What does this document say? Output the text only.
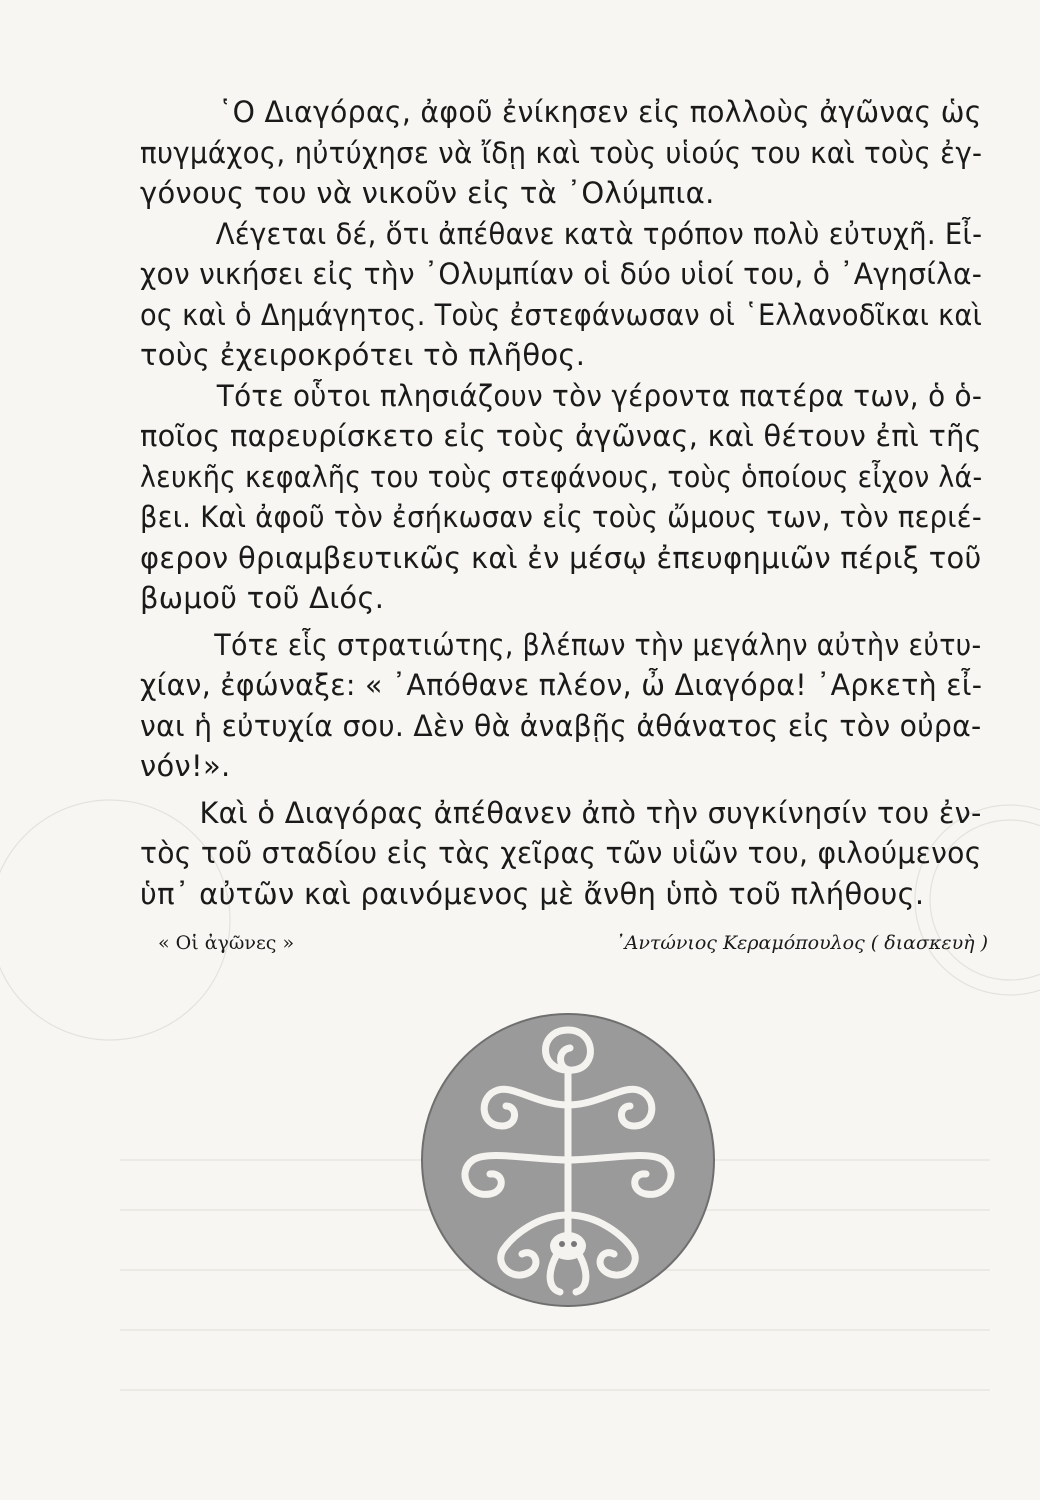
῾Ο Διαγόρας, ἀφοῦ ἐνίκησεν εἰς πολλοὺς ἀγῶνας ὡς
πυγμάχος, ηὐτύχησε νὰ ἴδῃ καὶ τοὺς υἱούς του καὶ τοὺς ἐγ-
γόνους του νὰ νικοῦν εἰς τὰ ᾿Ολύμπια.
Λέγεται δέ, ὅτι ἀπέθανε κατὰ τρόπον πολὺ εὐτυχῆ. Εἶ-
χον νικήσει εἰς τὴν ᾿Ολυμπίαν οἱ δύο υἱοί του, ὁ ᾿Αγησίλα-
ος καὶ ὁ Δημάγητος. Τοὺς ἐστεφάνωσαν οἱ ῾Ελλανοδῖκαι καὶ
τοὺς ἐχειροκρότει τὸ πλῆθος.
Τότε οὗτοι πλησιάζουν τὸν γέροντα πατέρα των, ὁ ὁ-
ποῖος παρευρίσκετο εἰς τοὺς ἀγῶνας, καὶ θέτουν ἐπὶ τῆς
λευκῆς κεφαλῆς του τοὺς στεφάνους, τοὺς ὁποίους εἶχον λά-
βει. Καὶ ἀφοῦ τὸν ἐσήκωσαν εἰς τοὺς ὤμους των, τὸν περιέ-
φερον θριαμβευτικῶς καὶ ἐν μέσῳ ἐπευφημιῶν πέριξ τοῦ
βωμοῦ τοῦ Διός.
Τότε εἷς στρατιώτης, βλέπων τὴν μεγάλην αὐτὴν εὐτυ-
χίαν, ἐφώναξε: « ᾿Απόθανε πλέον, ὦ Διαγόρα! ᾿Αρκετὴ εἶ-
ναι ἡ εὐτυχία σου. Δὲν θὰ ἀναβῇς ἀθάνατος εἰς τὸν οὐρα-
νόν!».
Καὶ ὁ Διαγόρας ἀπέθανεν ἀπὸ τὴν συγκίνησίν του ἐν-
τὸς τοῦ σταδίου εἰς τὰς χεῖρας τῶν υἱῶν του, φιλούμενος
ὑπ᾿ αὐτῶν καὶ ραινόμενος μὲ ἄνθη ὑπὸ τοῦ πλήθους.
« Οἱ ἀγῶνες »	᾿Αντώνιος Κεραμόπουλος ( διασκευὴ )
